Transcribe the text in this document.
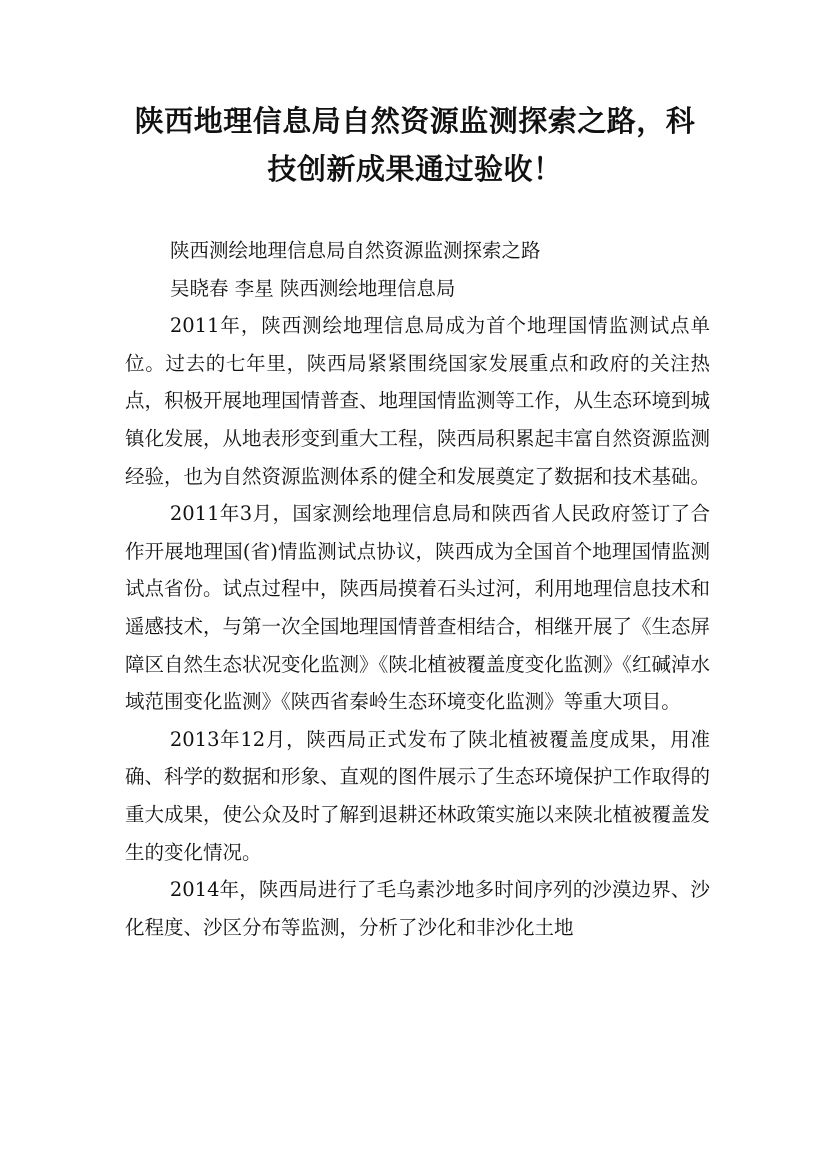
陕西地理信息局自然资源监测探索之路，科
技创新成果通过验收！

陕西测绘地理信息局自然资源监测探索之路

吴晓春 李星 陕西测绘地理信息局

2011年，陕西测绘地理信息局成为首个地理国情监测试点单位。过去的七年里，陕西局紧紧围绕国家发展重点和政府的关注热点，积极开展地理国情普查、地理国情监测等工作，从生态环境到城镇化发展，从地表形变到重大工程，陕西局积累起丰富自然资源监测经验，也为自然资源监测体系的健全和发展奠定了数据和技术基础。

2011年3月，国家测绘地理信息局和陕西省人民政府签订了合作开展地理国(省)情监测试点协议，陕西成为全国首个地理国情监测试点省份。试点过程中，陕西局摸着石头过河，利用地理信息技术和遥感技术，与第一次全国地理国情普查相结合，相继开展了《生态屏障区自然生态状况变化监测》《陕北植被覆盖度变化监测》《红碱淖水域范围变化监测》《陕西省秦岭生态环境变化监测》等重大项目。

2013年12月，陕西局正式发布了陕北植被覆盖度成果，用准确、科学的数据和形象、直观的图件展示了生态环境保护工作取得的重大成果，使公众及时了解到退耕还林政策实施以来陕北植被覆盖发生的变化情况。

2014年，陕西局进行了毛乌素沙地多时间序列的沙漠边界、沙化程度、沙区分布等监测，分析了沙化和非沙化土地
